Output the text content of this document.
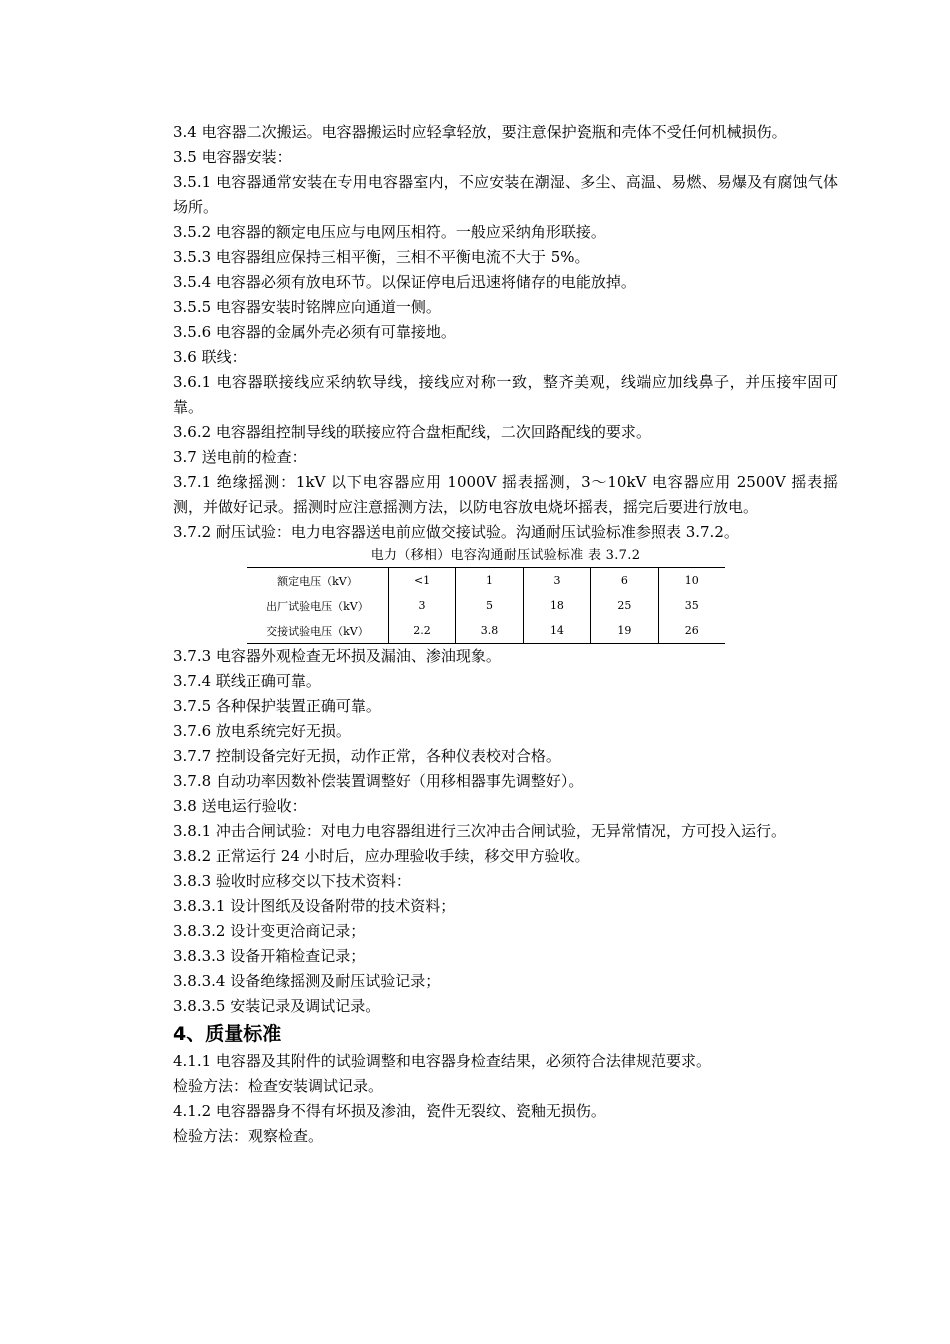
3.4 电容器二次搬运。电容器搬运时应轻拿轻放，要注意保护瓷瓶和壳体不受任何机械损伤。

3.5 电容器安装：

3.5.1 电容器通常安装在专用电容器室内，不应安装在潮湿、多尘、高温、易燃、易爆及有腐蚀气体场所。

3.5.2 电容器的额定电压应与电网压相符。一般应采纳角形联接。

3.5.3 电容器组应保持三相平衡，三相不平衡电流不大于 5%。

3.5.4 电容器必须有放电环节。以保证停电后迅速将储存的电能放掉。

3.5.5 电容器安装时铭牌应向通道一侧。

3.5.6 电容器的金属外壳必须有可靠接地。

3.6 联线：

3.6.1 电容器联接线应采纳软导线，接线应对称一致，整齐美观，线端应加线鼻子，并压接牢固可靠。

3.6.2 电容器组控制导线的联接应符合盘柜配线，二次回路配线的要求。

3.7 送电前的检查：

3.7.1 绝缘摇测：1kV 以下电容器应用 1000V 摇表摇测，3～10kV 电容器应用 2500V 摇表摇测，并做好记录。摇测时应注意摇测方法，以防电容放电烧坏摇表，摇完后要进行放电。

3.7.2 耐压试验：电力电容器送电前应做交接试验。沟通耐压试验标准参照表 3.7.2。

电力（移相）电容沟通耐压试验标准 表 3.7.2

额定电压（kV）	<1	1	3	6	10
出厂试验电压（kV）	3	5	18	25	35
交接试验电压（kV）	2.2	3.8	14	19	26

3.7.3 电容器外观检查无坏损及漏油、渗油现象。

3.7.4 联线正确可靠。

3.7.5 各种保护装置正确可靠。

3.7.6 放电系统完好无损。

3.7.7 控制设备完好无损，动作正常，各种仪表校对合格。

3.7.8 自动功率因数补偿装置调整好（用移相器事先调整好）。

3.8 送电运行验收：

3.8.1 冲击合闸试验：对电力电容器组进行三次冲击合闸试验，无异常情况，方可投入运行。

3.8.2 正常运行 24 小时后，应办理验收手续，移交甲方验收。

3.8.3 验收时应移交以下技术资料：

3.8.3.1 设计图纸及设备附带的技术资料；

3.8.3.2 设计变更洽商记录；

3.8.3.3 设备开箱检查记录；

3.8.3.4 设备绝缘摇测及耐压试验记录；

3.8.3.5 安装记录及调试记录。

4、质量标准

4.1.1 电容器及其附件的试验调整和电容器身检查结果，必须符合法律规范要求。

检验方法：检查安装调试记录。

4.1.2 电容器器身不得有坏损及渗油，瓷件无裂纹、瓷釉无损伤。

检验方法：观察检查。
